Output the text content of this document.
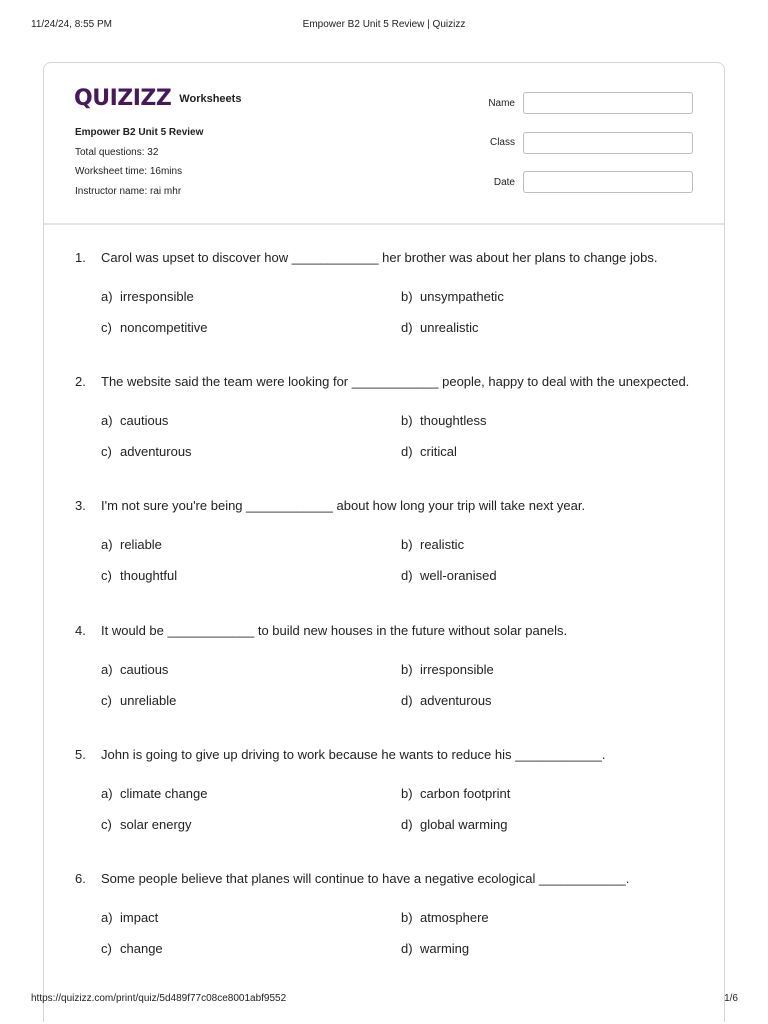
11/24/24, 8:55 PM	Empower B2 Unit 5 Review | Quizizz
QUIZIZZ Worksheets
Empower B2 Unit 5 Review
Total questions: 32
Worksheet time: 16mins
Instructor name: rai mhr
Name
Class
Date
1. Carol was upset to discover how ____________ her brother was about her plans to change jobs.
a) irresponsible	b) unsympathetic
c) noncompetitive	d) unrealistic
2. The website said the team were looking for ____________ people, happy to deal with the unexpected.
a) cautious	b) thoughtless
c) adventurous	d) critical
3. I'm not sure you're being ____________ about how long your trip will take next year.
a) reliable	b) realistic
c) thoughtful	d) well-oranised
4. It would be ____________ to build new houses in the future without solar panels.
a) cautious	b) irresponsible
c) unreliable	d) adventurous
5. John is going to give up driving to work because he wants to reduce his ____________.
a) climate change	b) carbon footprint
c) solar energy	d) global warming
6. Some people believe that planes will continue to have a negative ecological ____________.
a) impact	b) atmosphere
c) change	d) warming
https://quizizz.com/print/quiz/5d489f77c08ce8001abf9552	1/6
